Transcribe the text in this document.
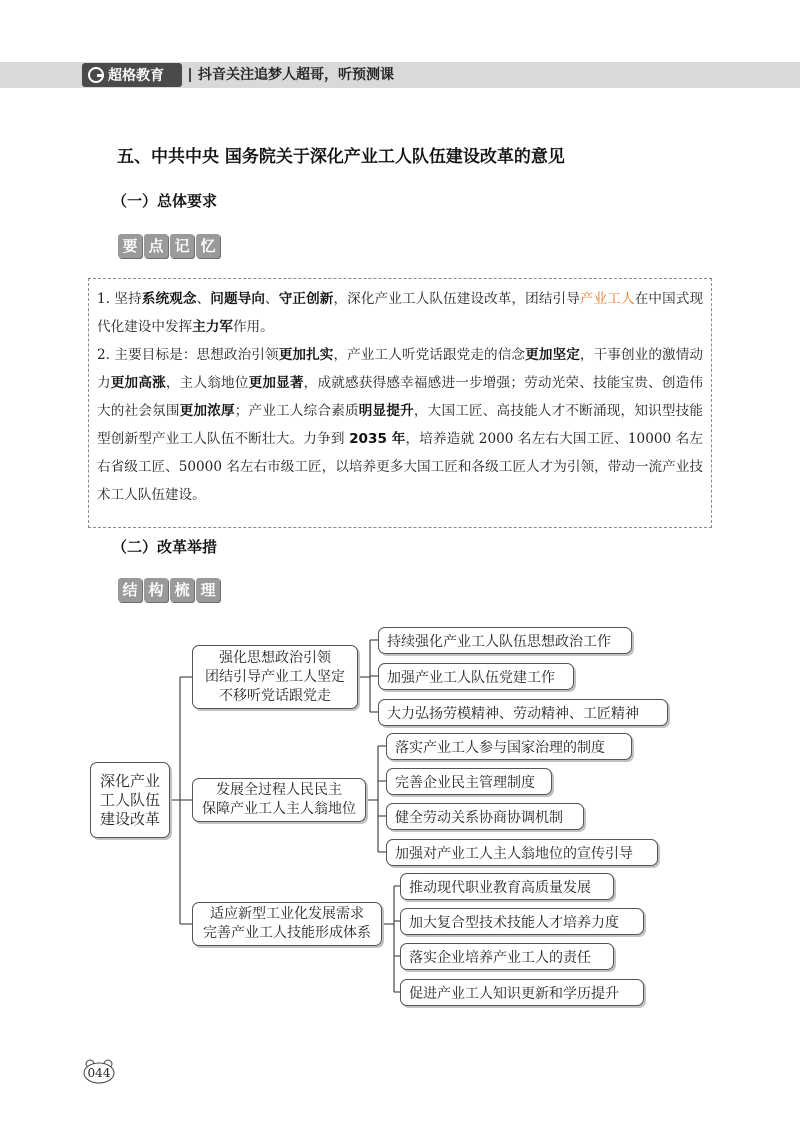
超格教育 抖音关注追梦人超哥，听预测课
五、中共中央 国务院关于深化产业工人队伍建设改革的意见
（一）总体要求
要 点 记 忆

1. 坚持系统观念、问题导向、守正创新，深化产业工人队伍建设改革，团结引导产业工人在中国式现代化建设中发挥主力军作用。

2. 主要目标是：思想政治引领更加扎实，产业工人听党话跟党走的信念更加坚定，干事创业的激情动力更加高涨，主人翁地位更加显著，成就感获得感幸福感进一步增强；劳动光荣、技能宝贵、创造伟大的社会氛围更加浓厚；产业工人综合素质明显提升，大国工匠、高技能人才不断涌现，知识型技能型创新型产业工人队伍不断壮大。力争到 2035 年，培养造就 2000 名左右大国工匠、10000 名左右省级工匠、50000 名左右市级工匠，以培养更多大国工匠和各级工匠人才为引领，带动一流产业技术工人队伍建设。

（二）改革举措
结 构 梳 理
深化产业
工人队伍
建设改革
强化思想政治引领
团结引导产业工人坚定
不移听党话跟党走
持续强化产业工人队伍思想政治工作
加强产业工人队伍党建工作
大力弘扬劳模精神、劳动精神、工匠精神
发展全过程人民民主
保障产业工人主人翁地位
落实产业工人参与国家治理的制度
完善企业民主管理制度
健全劳动关系协商协调机制
加强对产业工人主人翁地位的宣传引导
适应新型工业化发展需求
完善产业工人技能形成体系
推动现代职业教育高质量发展
加大复合型技术技能人才培养力度
落实企业培养产业工人的责任
促进产业工人知识更新和学历提升
044
